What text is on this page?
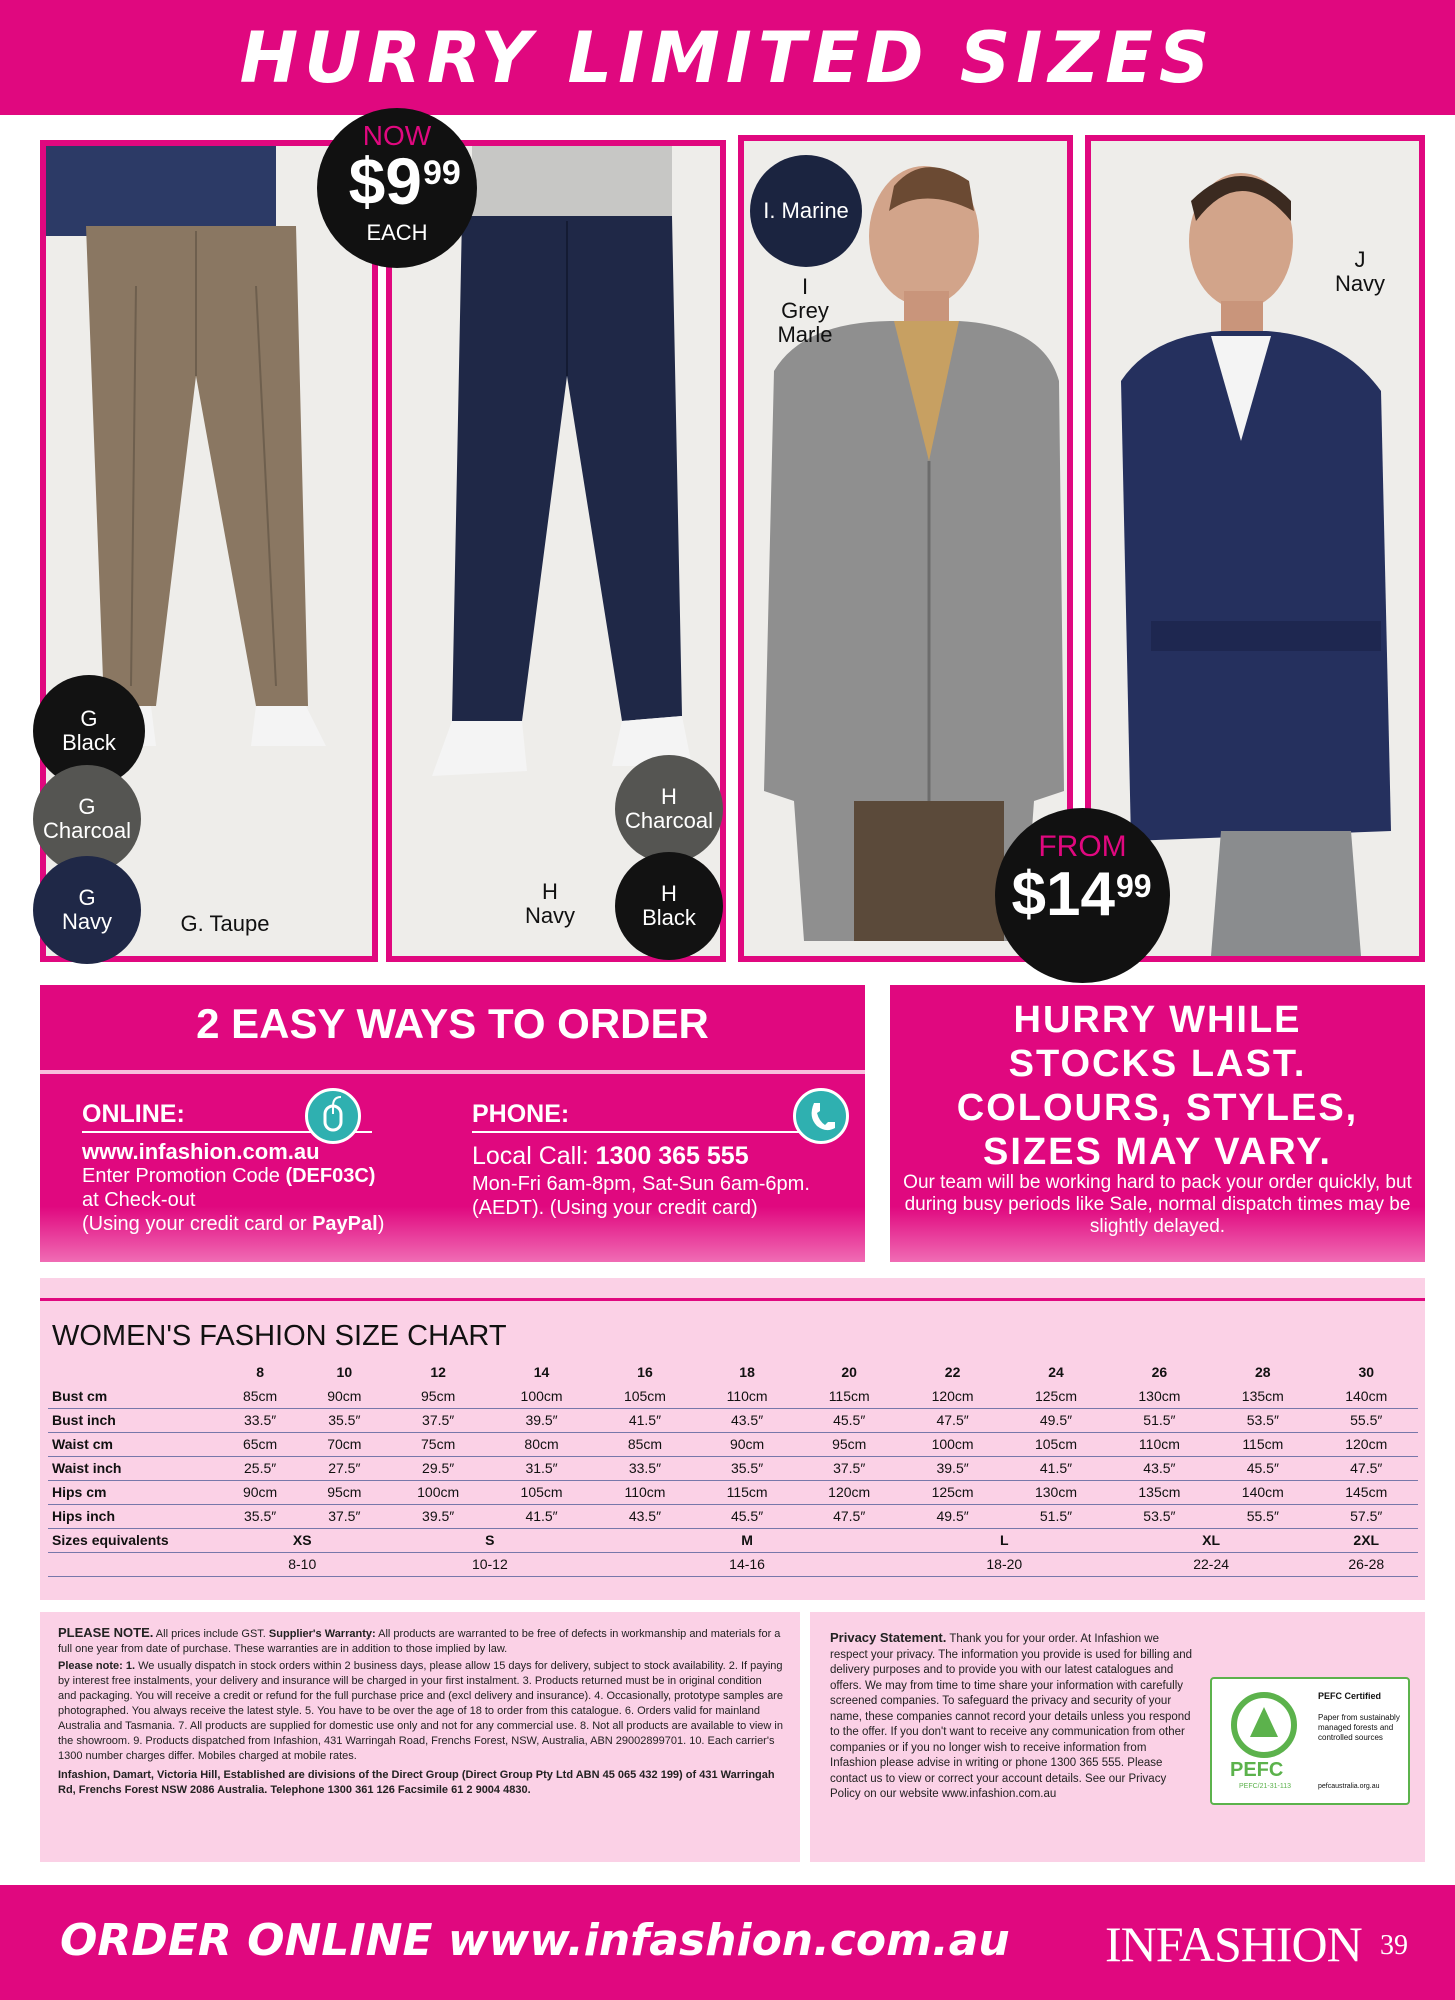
HURRY LIMITED SIZES
NOW
$9 99
EACH
FROM
$14 99
G
Black
G
Charcoal
G
Navy	G. Taupe
H
Charcoal
H
Black
H
Navy
I. Marine
I
Grey
Marle
J
Navy
2 EASY WAYS TO ORDER
ONLINE:
www.infashion.com.au
Enter Promotion Code (DEF03C)
at Check-out
(Using your credit card or PayPal)
PHONE:
Local Call: 1300 365 555
Mon-Fri 6am-8pm, Sat-Sun 6am-6pm.
(AEDT). (Using your credit card)
HURRY WHILE
STOCKS LAST.
COLOURS, STYLES,
SIZES MAY VARY.
Our team will be working hard to pack your order quickly, but during busy periods like Sale, normal dispatch times may be slightly delayed.
WOMEN'S FASHION SIZE CHART
	8	10	12	14	16	18	20	22	24	26	28	30
Bust cm	85cm	90cm	95cm	100cm	105cm	110cm	115cm	120cm	125cm	130cm	135cm	140cm
Bust inch	33.5″	35.5″	37.5″	39.5″	41.5″	43.5″	45.5″	47.5″	49.5″	51.5″	53.5″	55.5″
Waist cm	65cm	70cm	75cm	80cm	85cm	90cm	95cm	100cm	105cm	110cm	115cm	120cm
Waist inch	25.5″	27.5″	29.5″	31.5″	33.5″	35.5″	37.5″	39.5″	41.5″	43.5″	45.5″	47.5″
Hips cm	90cm	95cm	100cm	105cm	110cm	115cm	120cm	125cm	130cm	135cm	140cm	145cm
Hips inch	35.5″	37.5″	39.5″	41.5″	43.5″	45.5″	47.5″	49.5″	51.5″	53.5″	55.5″	57.5″
Sizes equivalents	XS		S		M			L		XL		2XL
	8-10		10-12		14-16			18-20		22-24		26-28

PLEASE NOTE. All prices include GST. Supplier's Warranty: All products are warranted to be free of defects in workmanship and materials for a full one year from date of purchase. These warranties are in addition to those implied by law.

Please note: 1. We usually dispatch in stock orders within 2 business days, please allow 15 days for delivery, subject to stock availability. 2. If paying by interest free instalments, your delivery and insurance will be charged in your first instalment. 3. Products returned must be in original condition and packaging. You will receive a credit or refund for the full purchase price and (excl delivery and insurance). 4. Occasionally, prototype samples are photographed. You always receive the latest style. 5. You have to be over the age of 18 to order from this catalogue. 6. Orders valid for mainland Australia and Tasmania. 7. All products are supplied for domestic use only and not for any commercial use. 8. Not all products are available to view in the showroom. 9. Products dispatched from Infashion, 431 Warringah Road, Frenchs Forest, NSW, Australia, ABN 29002899701. 10. Each carrier's 1300 number charges differ. Mobiles charged at mobile rates.

Infashion, Damart, Victoria Hill, Established are divisions of the Direct Group (Direct Group Pty Ltd ABN 45 065 432 199) of 431 Warringah Rd, Frenchs Forest NSW 2086 Australia. Telephone 1300 361 126 Facsimile 61 2 9004 4830.

Privacy Statement. Thank you for your order. At Infashion we respect your privacy. The information you provide is used for billing and delivery purposes and to provide you with our latest catalogues and offers. We may from time to time share your information with carefully screened companies. To safeguard the privacy and security of your name, these companies cannot record your details unless you respond to the offer. If you don't want to receive any communication from other companies or if you no longer wish to receive information from Infashion please advise in writing or phone 1300 365 555. Please contact us to view or correct your account details. See our Privacy Policy on our website www.infashion.com.au
PEFC
PEFC/21-31-113
PEFC Certified
Paper from sustainably managed forests and controlled sources
pefcaustralia.org.au
ORDER ONLINE www.infashion.com.au INFASHION 39
